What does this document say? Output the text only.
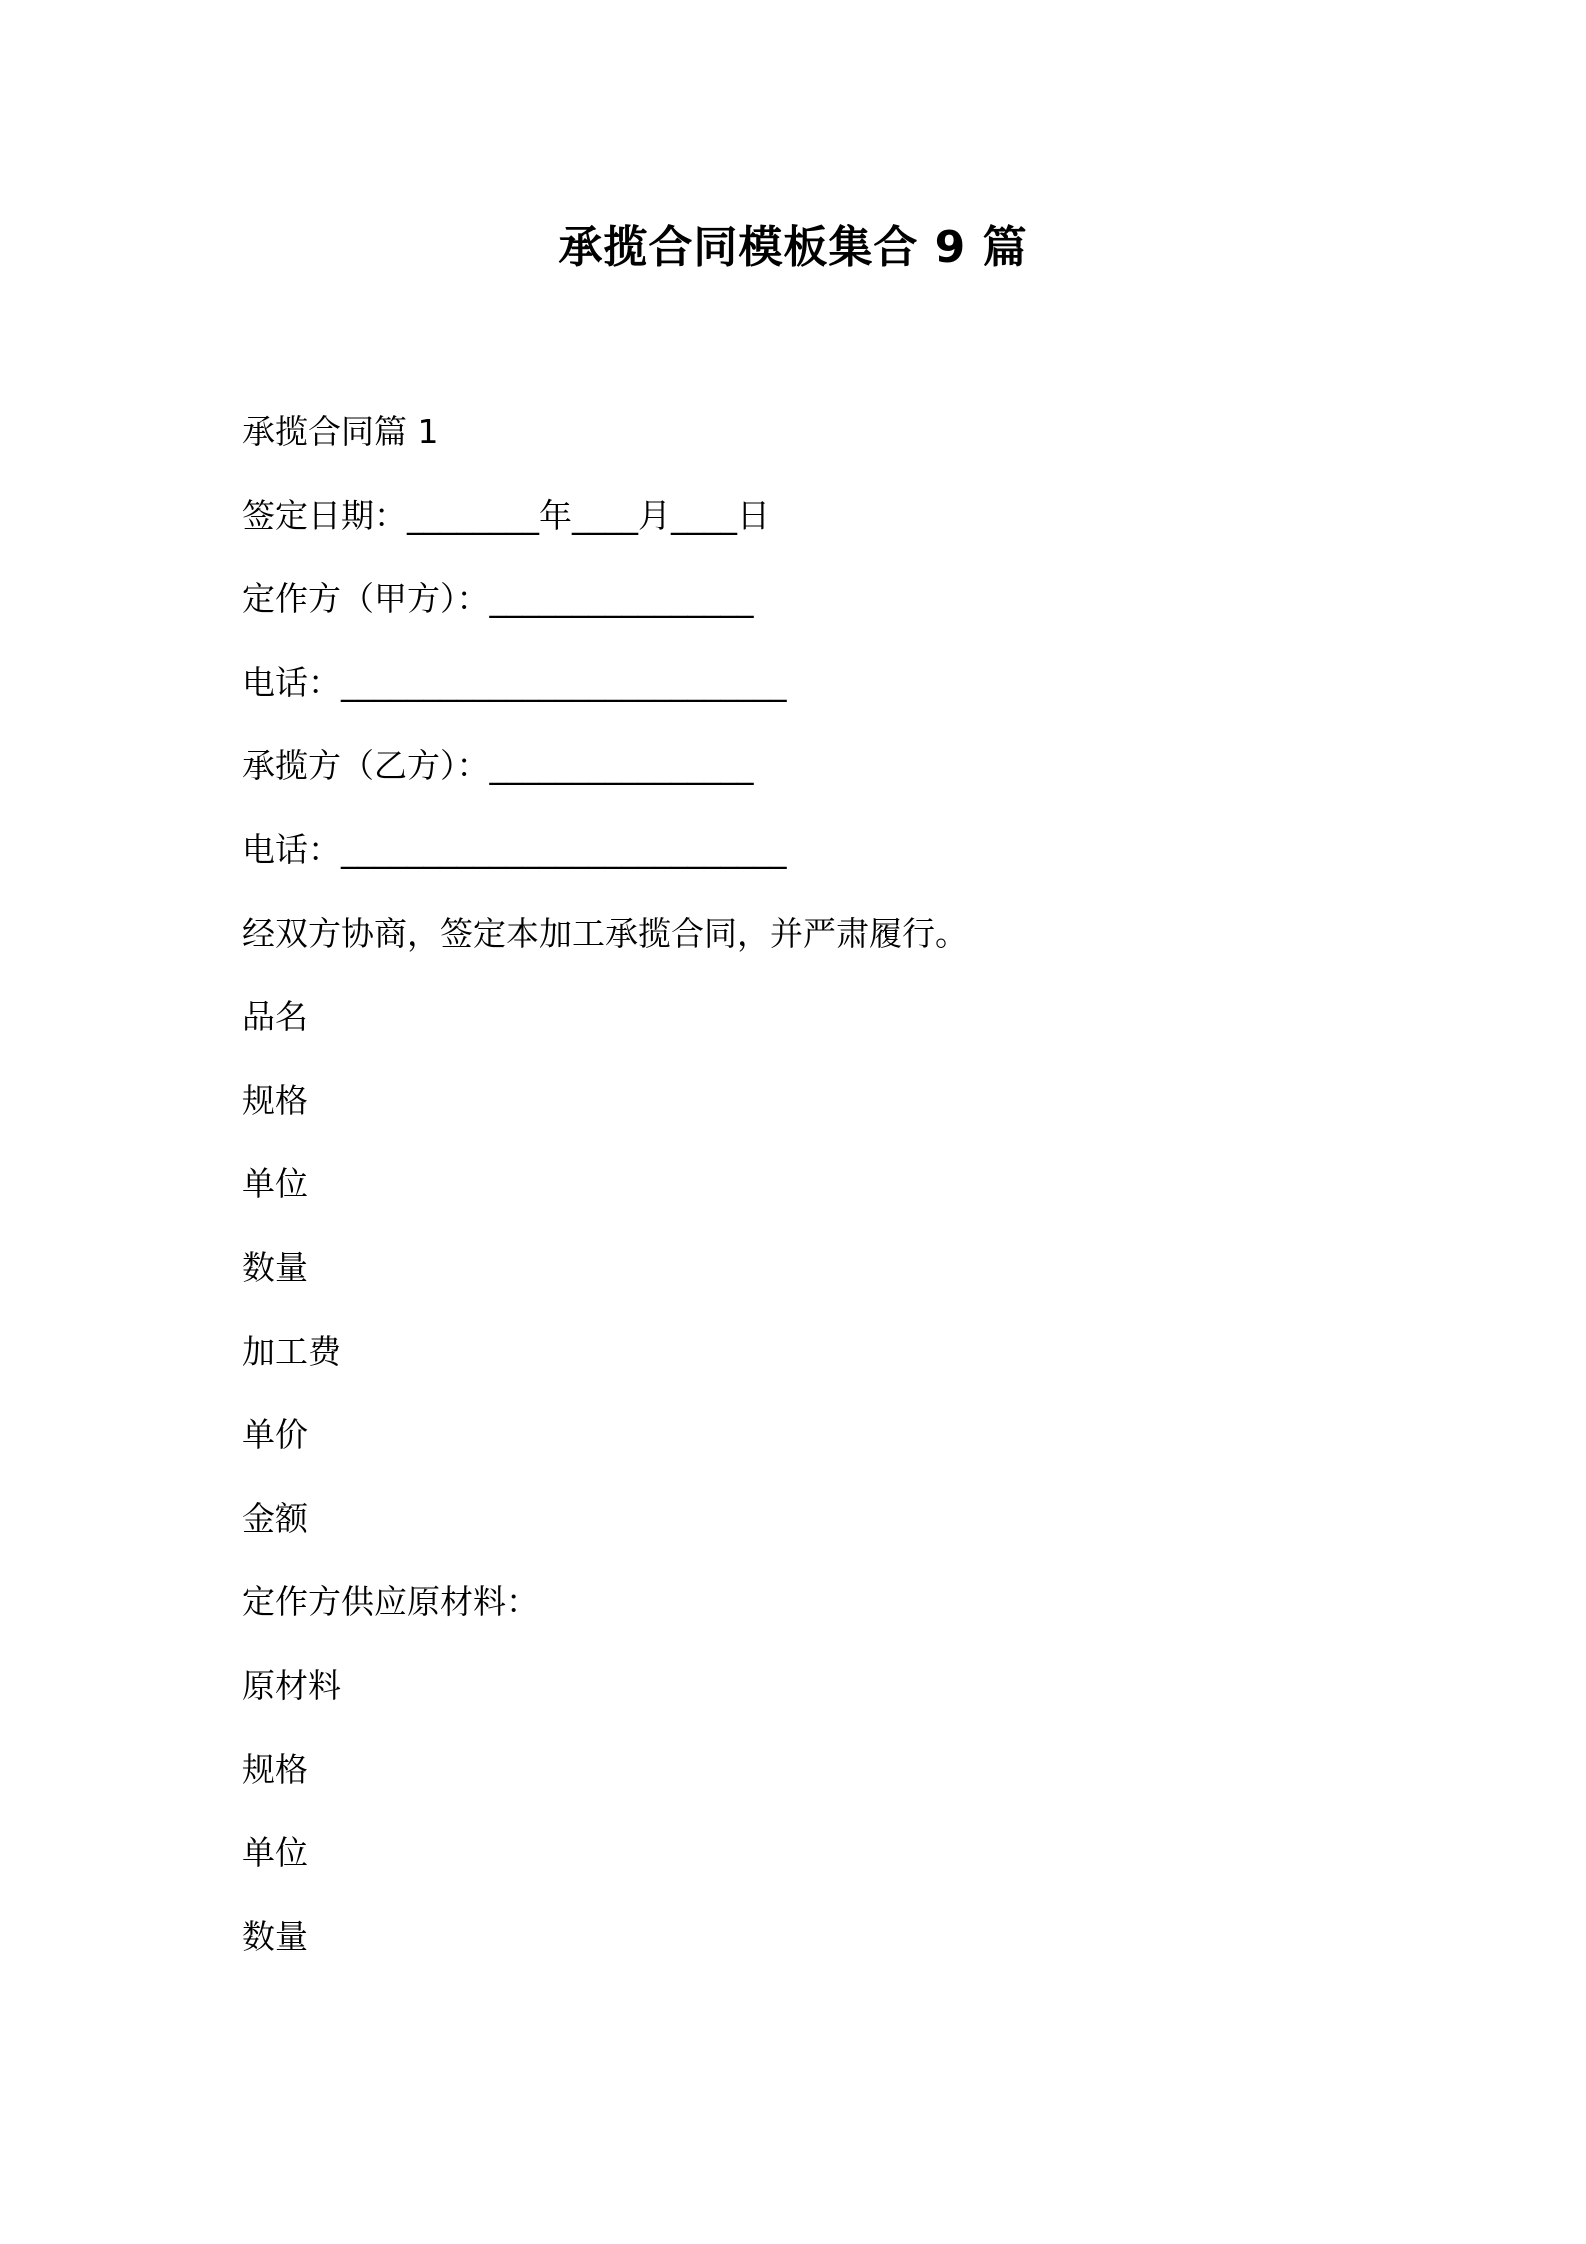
承揽合同模板集合 9 篇
承揽合同篇 1
签定日期：________年____月____日
定作方（甲方）：________________
电话：___________________________
承揽方（乙方）：________________
电话：___________________________
经双方协商，签定本加工承揽合同，并严肃履行。
品名
规格
单位
数量
加工费
单价
金额
定作方供应原材料：
原材料
规格
单位
数量
